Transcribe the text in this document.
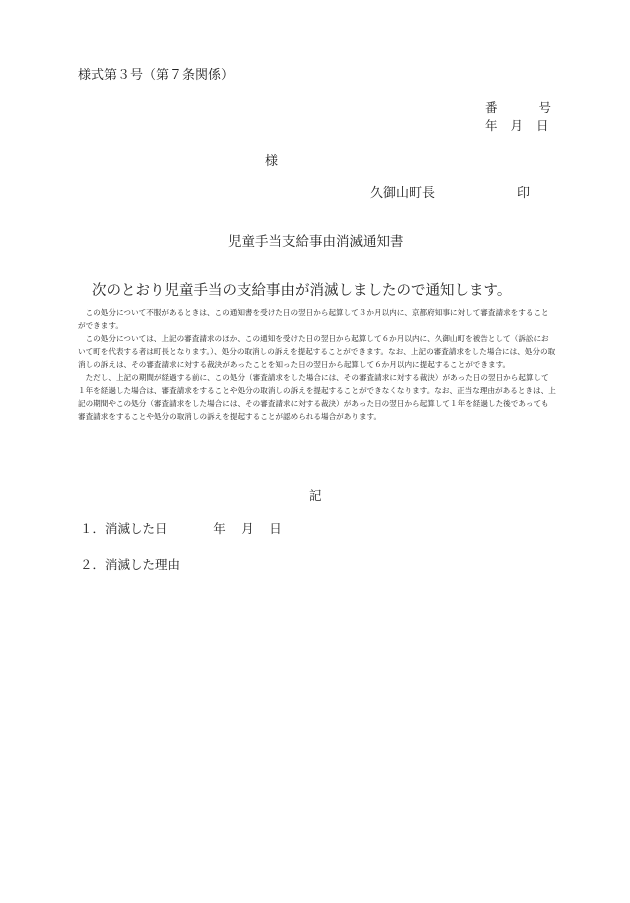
様式第３号（第７条関係）
番	号
年 月 日
様
久御山町長	印
児童手当支給事由消滅通知書
次のとおり児童手当の支給事由が消滅しましたので通知します。

この処分について不服があるときは、この通知書を受けた日の翌日から起算して３か月以内に、京都府知事に対して審査請求をすることができます。

この処分については、上記の審査請求のほか、この通知を受けた日の翌日から起算して６か月以内に、久御山町を被告として（訴訟において町を代表する者は町長となります。）、処分の取消しの訴えを提起することができます。なお、上記の審査請求をした場合には、処分の取消しの訴えは、その審査請求に対する裁決があったことを知った日の翌日から起算して６か月以内に提起することができます。

ただし、上記の期間が経過する前に、この処分（審査請求をした場合には、その審査請求に対する裁決）があった日の翌日から起算して１年を経過した場合は、審査請求をすることや処分の取消しの訴えを提起することができなくなります。なお、正当な理由があるときは、上記の期間やこの処分（審査請求をした場合には、その審査請求に対する裁決）があった日の翌日から起算して１年を経過した後であっても審査請求をすることや処分の取消しの訴えを提起することが認められる場合があります。

記
１．消滅した日	年 月 日
２．消滅した理由
